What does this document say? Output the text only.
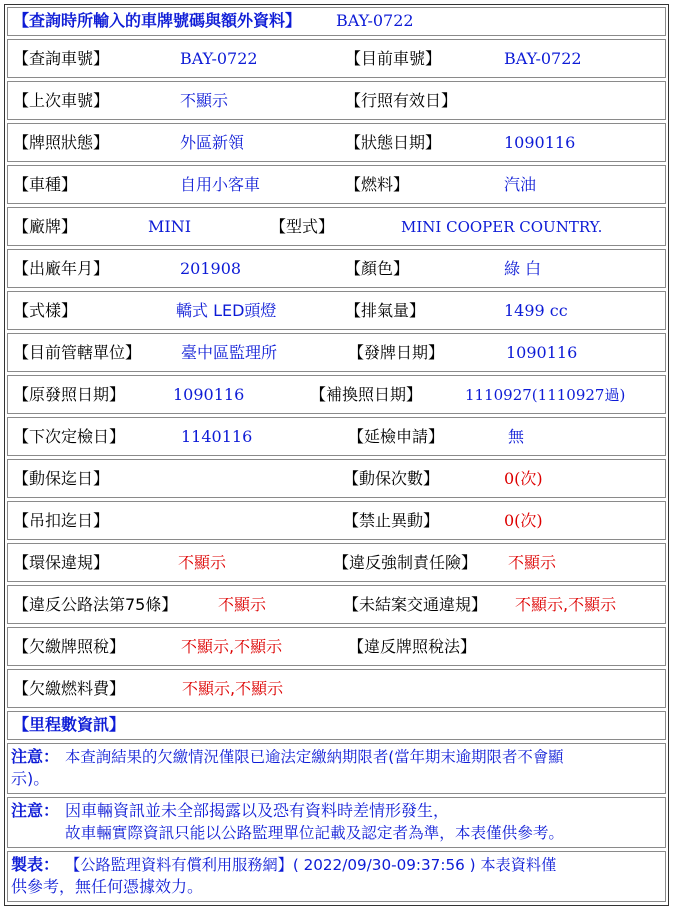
【查詢時所輸入的車牌號碼與額外資料】 BAY-0722
【查詢車號】	BAY-0722	【目前車號】	BAY-0722
【上次車號】	不顯示	【行照有效日】
【牌照狀態】	外區新領	【狀態日期】	1090116
【車種】	自用小客車	【燃料】	汽油
【廠牌】	MINI	【型式】	MINI COOPER COUNTRY.
【出廠年月】	201908	【顏色】	綠 白
【式樣】	轎式 LED頭燈	【排氣量】	1499 cc
【目前管轄單位】 臺中區監理所	【發牌日期】	1090116
【原發照日期】	1090116	【補換照日期】	1110927(1110927過)
【下次定檢日】	1140116	【延檢申請】	無
【動保迄日】	【動保次數】	0(次)
【吊扣迄日】	【禁止異動】	0(次)
【環保違規】	不顯示	【違反強制責任險】 不顯示
【違反公路法第75條】	不顯示	【未結案交通違規】 不顯示,不顯示
【欠繳牌照稅】	不顯示,不顯示	【違反牌照稅法】
【欠繳燃料費】	不顯示,不顯示
【里程數資訊】
注意： 本查詢結果的欠繳情況僅限已逾法定繳納期限者(當年期末逾期限者不會顯
示)。
注意： 因車輛資訊並未全部揭露以及恐有資料時差情形發生，
故車輛實際資訊只能以公路監理單位記載及認定者為準，本表僅供參考。
製表： 【公路監理資料有償利用服務網】( 2022/09/30-09:37:56 ) 本表資料僅
供參考，無任何憑據效力。
